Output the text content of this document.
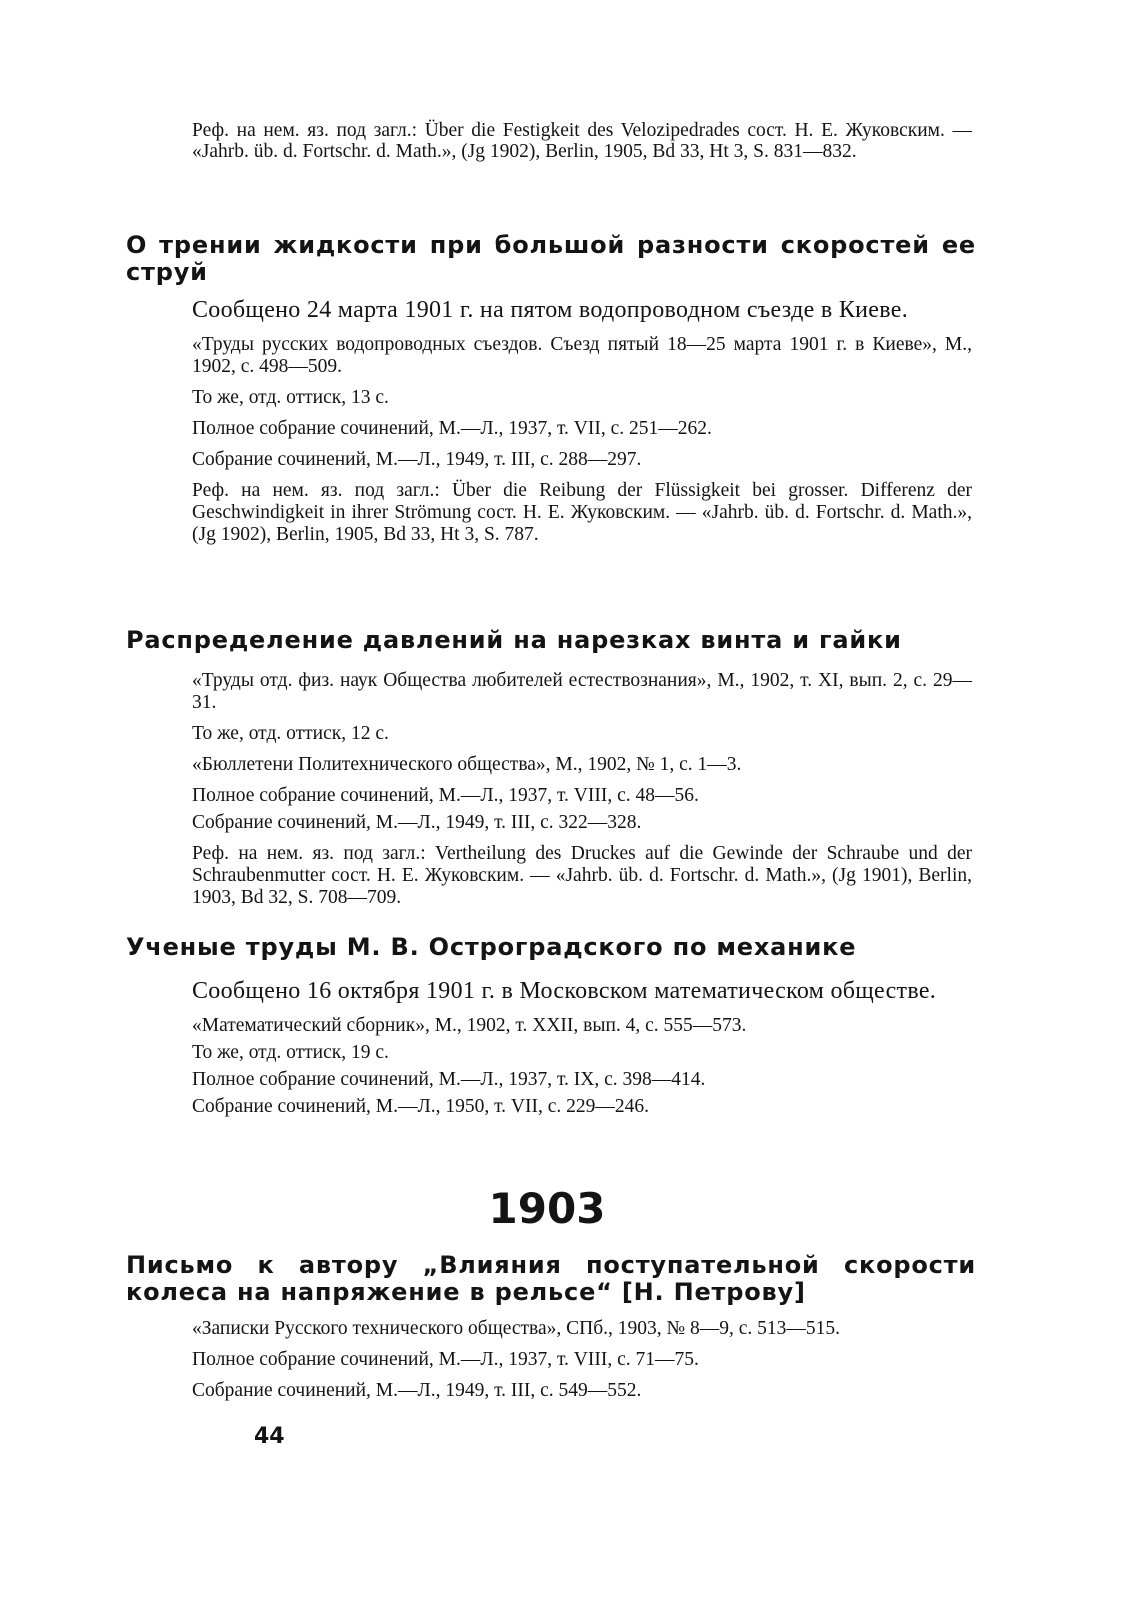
Реф. на нем. яз. под загл.: Über die Festigkeit des Velozipedrades сост. Н. Е. Жуковским. — «Jahrb. üb. d. Fortschr. d. Math.», (Jg 1902), Berlin, 1905, Bd 33, Ht 3, S. 831—832.

О трении жидкости при большой разности скоростей ее струй

Сообщено 24 марта 1901 г. на пятом водопроводном съезде в Киеве.

«Труды русских водопроводных съездов. Съезд пятый 18—25 марта 1901 г. в Киеве», М., 1902, с. 498—509.

То же, отд. оттиск, 13 с.

Полное собрание сочинений, М.—Л., 1937, т. VII, с. 251—262.

Собрание сочинений, М.—Л., 1949, т. III, с. 288—297.

Реф. на нем. яз. под загл.: Über die Reibung der Flüssigkeit bei grosser. Differenz der Geschwindigkeit in ihrer Strömung сост. Н. Е. Жуковским. — «Jahrb. üb. d. Fortschr. d. Math.», (Jg 1902), Berlin, 1905, Bd 33, Ht 3, S. 787.

Распределение давлений на нарезках винта и гайки

«Труды отд. физ. наук Общества любителей естествознания», М., 1902, т. XI, вып. 2, с. 29—31.

То же, отд. оттиск, 12 с.

«Бюллетени Политехнического общества», М., 1902, № 1, с. 1—3.

Полное собрание сочинений, М.—Л., 1937, т. VIII, с. 48—56.

Собрание сочинений, М.—Л., 1949, т. III, с. 322—328.

Реф. на нем. яз. под загл.: Vertheilung des Druckes auf die Gewinde der Schraube und der Schraubenmutter сост. Н. Е. Жуковским. — «Jahrb. üb. d. Fortschr. d. Math.», (Jg 1901), Berlin, 1903, Bd 32, S. 708—709.

Ученые труды М. В. Остроградского по механике

Сообщено 16 октября 1901 г. в Московском математическом обществе.

«Математический сборник», М., 1902, т. XXII, вып. 4, с. 555—573.

То же, отд. оттиск, 19 с.

Полное собрание сочинений, М.—Л., 1937, т. IX, с. 398—414.

Собрание сочинений, М.—Л., 1950, т. VII, с. 229—246.

1903
Письмо к автору „Влияния поступательной скорости колеса на напряжение в рельсе“ [Н. Петрову]

«Записки Русского технического общества», СПб., 1903, № 8—9, с. 513—515.

Полное собрание сочинений, М.—Л., 1937, т. VIII, с. 71—75.

Собрание сочинений, М.—Л., 1949, т. III, с. 549—552.

44
